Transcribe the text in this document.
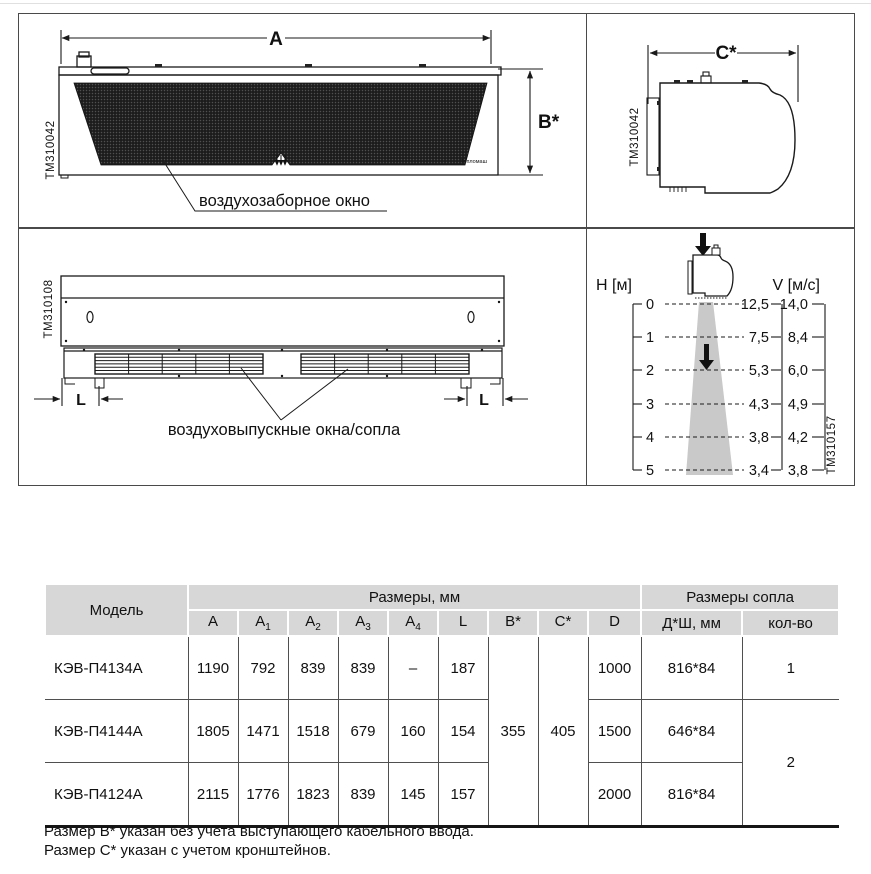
A
Тепломаш
B*
ТМ310042
воздухозаборное окно
C*
ТМ310042
L	L
воздуховыпускные окна/сопла
ТМ310108	H [м]	V [м/с]
0
1
2
3
4
5
12,5
7,5
5,3
4,3
3,8
3,4
14,0
8,4
6,0
4,9
4,2
3,8 ТМ310157
Модель	Размеры, мм									Размеры сопла	
	A	$A_1$	$A_2$	$A_3$	$A_4$	L	B*	C*	D	Д*Ш, мм	кол-во
КЭВ-П4134А	1190	792	839	839	–	187	355	405	1000	816*84	1
КЭВ-П4144А	1805	1471	1518	679	160	154			1500	646*84	2
КЭВ-П4124А	2115	1776	1823	839	145	157			2000	816*84	
Размер B* указан без учета выступающего кабельного ввода.
Размер C* указан с учетом кронштейнов.
